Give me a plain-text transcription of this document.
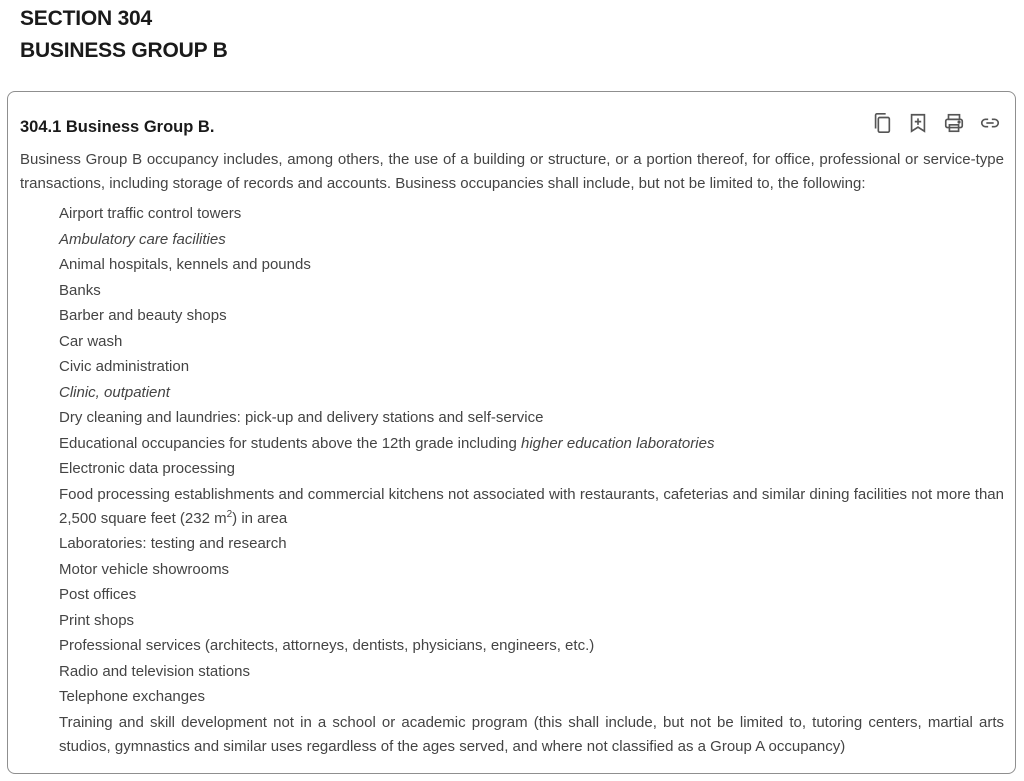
SECTION 304
BUSINESS GROUP B
304.1 Business Group B.
Business Group B occupancy includes, among others, the use of a building or structure, or a portion thereof, for office, professional or service-type transactions, including storage of records and accounts. Business occupancies shall include, but not be limited to, the following:
Airport traffic control towers
Ambulatory care facilities
Animal hospitals, kennels and pounds
Banks
Barber and beauty shops
Car wash
Civic administration
Clinic, outpatient
Dry cleaning and laundries: pick-up and delivery stations and self-service
Educational occupancies for students above the 12th grade including higher education laboratories
Electronic data processing
Food processing establishments and commercial kitchens not associated with restaurants, cafeterias and similar dining facilities not more than 2,500 square feet (232 $m^2$) in area
Laboratories: testing and research
Motor vehicle showrooms
Post offices
Print shops
Professional services (architects, attorneys, dentists, physicians, engineers, etc.)
Radio and television stations
Telephone exchanges
Training and skill development not in a school or academic program (this shall include, but not be limited to, tutoring centers, martial arts studios, gymnastics and similar uses regardless of the ages served, and where not classified as a Group A occupancy)
